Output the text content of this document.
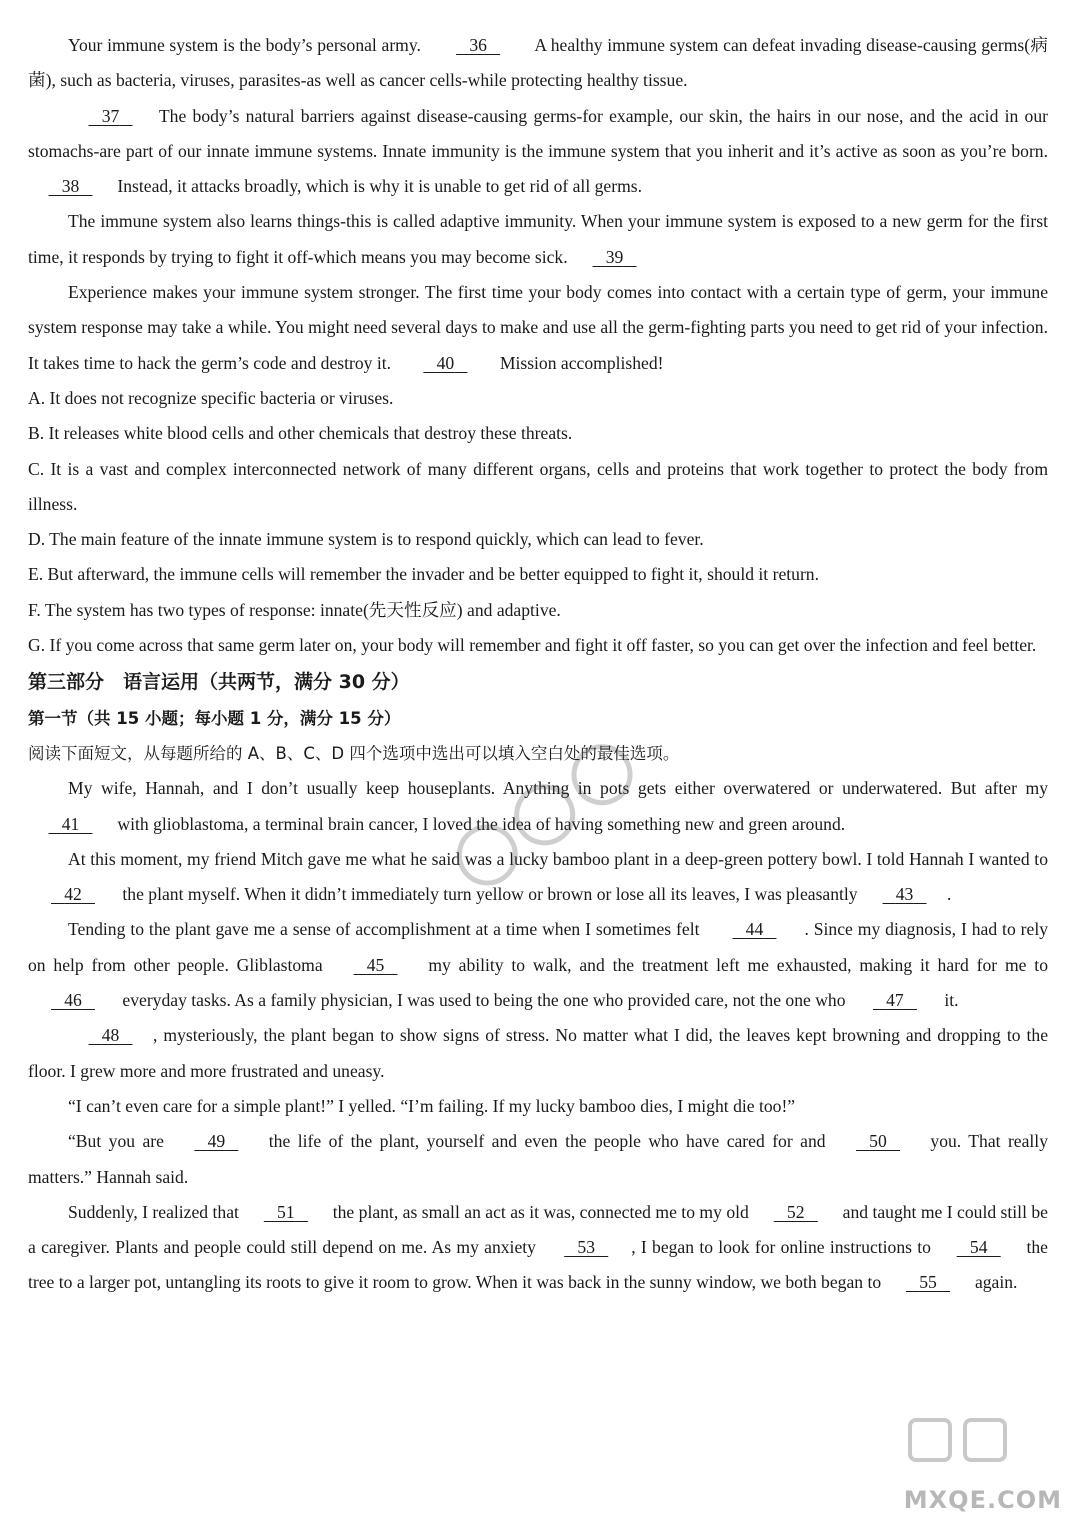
Your immune system is the body’s personal army.    36    A healthy immune system can defeat invading disease-causing germs(病菌), such as bacteria, viruses, parasites-as well as cancer cells-while protecting healthy tissue.

37    The body’s natural barriers against disease-causing germs-for example, our skin, the hairs in our nose, and the acid in our stomachs-are part of our innate immune systems. Innate immunity is the immune system that you inherit and it’s active as soon as you’re born.    38    Instead, it attacks broadly, which is why it is unable to get rid of all germs.

The immune system also learns things-this is called adaptive immunity. When your immune system is exposed to a new germ for the first time, it responds by trying to fight it off-which means you may become sick.    39

Experience makes your immune system stronger. The first time your body comes into contact with a certain type of germ, your immune system response may take a while. You might need several days to make and use all the germ-fighting parts you need to get rid of your infection. It takes time to hack the germ’s code and destroy it.    40    Mission accomplished!

A. It does not recognize specific bacteria or viruses.

B. It releases white blood cells and other chemicals that destroy these threats.

C. It is a vast and complex interconnected network of many different organs, cells and proteins that work together to protect the body from illness.

D. The main feature of the innate immune system is to respond quickly, which can lead to fever.

E. But afterward, the immune cells will remember the invader and be better equipped to fight it, should it return.

F. The system has two types of response: innate(先天性反应) and adaptive.

G. If you come across that same germ later on, your body will remember and fight it off faster, so you can get over the infection and feel better.

第三部分　语言运用（共两节，满分 30 分）

第一节（共 15 小题；每小题 1 分，满分 15 分）

阅读下面短文，从每题所给的 A、B、C、D 四个选项中选出可以填入空白处的最佳选项。

My wife, Hannah, and I don’t usually keep houseplants. Anything in pots gets either overwatered or underwatered. But after my    41    with glioblastoma, a terminal brain cancer, I loved the idea of having something new and green around.

At this moment, my friend Mitch gave me what he said was a lucky bamboo plant in a deep-green pottery bowl. I told Hannah I wanted to    42    the plant myself. When it didn’t immediately turn yellow or brown or lose all its leaves, I was pleasantly    43 .

Tending to the plant gave me a sense of accomplishment at a time when I sometimes felt    44 . Since my diagnosis, I had to rely on help from other people. Gliblastoma    45    my ability to walk, and the treatment left me exhausted, making it hard for me to    46    everyday tasks. As a family physician, I was used to being the one who provided care, not the one who    47    it.

48 , mysteriously, the plant began to show signs of stress. No matter what I did, the leaves kept browning and dropping to the floor. I grew more and more frustrated and uneasy.

“I can’t even care for a simple plant!” I yelled. “I’m failing. If my lucky bamboo dies, I might die too!”

“But you are    49    the life of the plant, yourself and even the people who have cared for and    50    you. That really matters.” Hannah said.

Suddenly, I realized that    51    the plant, as small an act as it was, connected me to my old    52    and taught me I could still be a caregiver. Plants and people could still depend on me. As my anxiety    53 , I began to look for online instructions to    54    the tree to a larger pot, untangling its roots to give it room to grow. When it was back in the sunny window, we both began to    55    again.

MXQE.COM
